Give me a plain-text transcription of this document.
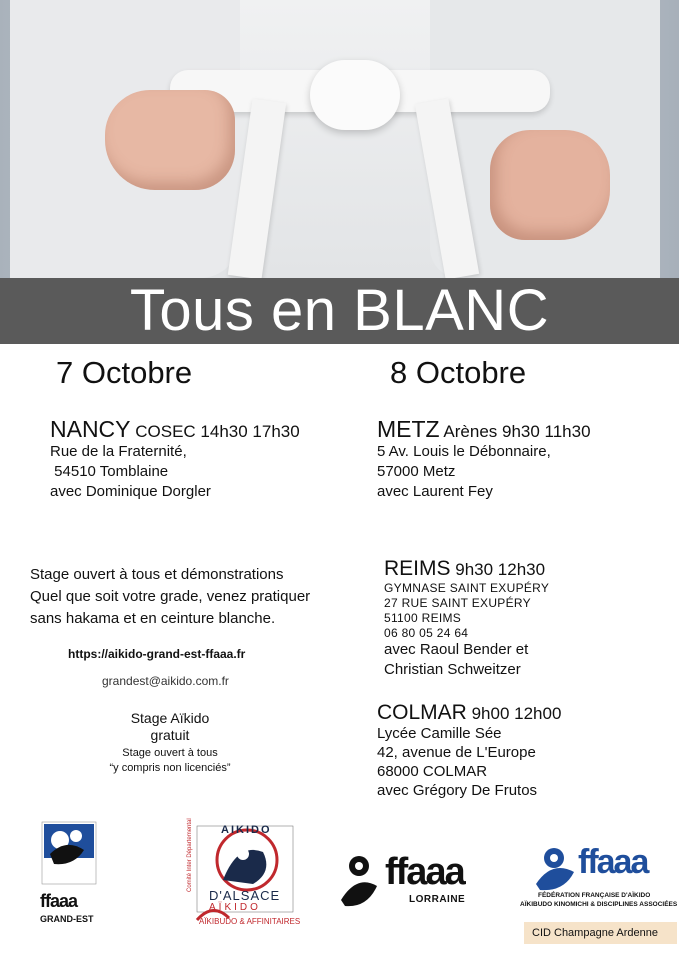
Tous en BLANC
7 Octobre	8 Octobre
NANCY COSEC 14h30 17h30
Rue de la Fraternité,
54510 Tomblaine
avec Dominique Dorgler
METZ Arènes 9h30 11h30
5 Av. Louis le Débonnaire,
57000 Metz
avec Laurent Fey
Stage ouvert à tous et démonstrations
Quel que soit votre grade, venez pratiquer
sans hakama et en ceinture blanche.
https://aikido-grand-est-ffaaa.fr
grandest@aikido.com.fr
Stage Aïkido
gratuit
Stage ouvert à tous
“y compris non licenciés”
REIMS 9h30 12h30
GYMNASE SAINT EXUPÉRY
27 RUE SAINT EXUPÉRY
51100 REIMS
06 80 05 24 64
avec Raoul Bender et
Christian Schweitzer
COLMAR 9h00 12h00
Lycée Camille Sée
42, avenue de L'Europe
68000 COLMAR
avec Grégory De Frutos
ffaaa
GRAND-EST
AIKIDO
Comité Inter Départemental
D'ALSACE
AÏKIDO
AÏKIBUDO & AFFINITAIRES
ffaaa
LORRAINE
ffaaa
FÉDÉRATION FRANÇAISE D'AÏKIDO
AÏKIBUDO KINOMICHI & DISCIPLINES ASSOCIÉES
CID Champagne Ardenne
